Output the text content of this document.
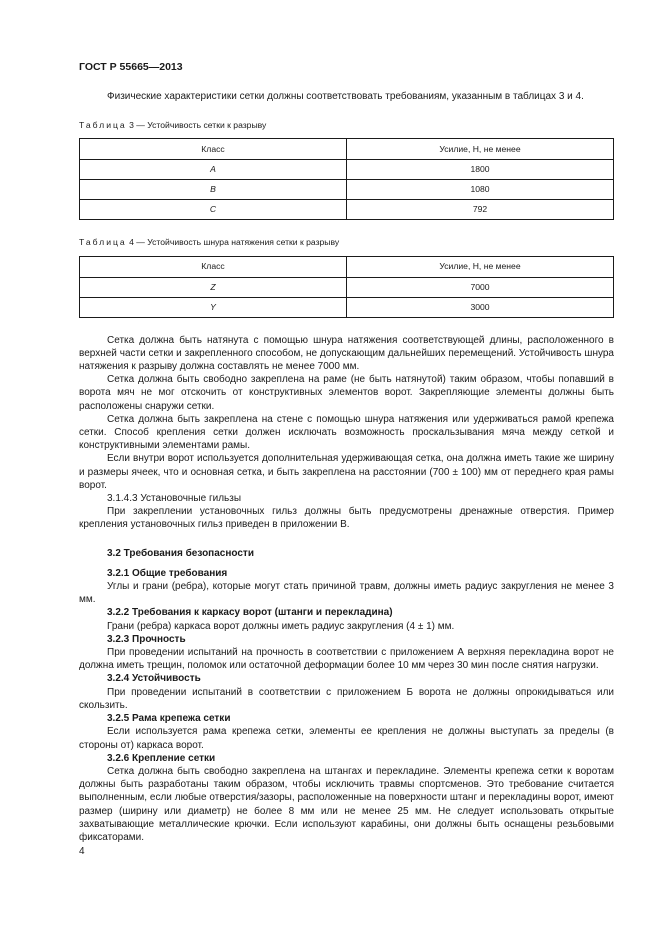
ГОСТ Р 55665—2013

Физические характеристики сетки должны соответствовать требованиям, указанным в таблицах 3 и 4.

Таблица 3 — Устойчивость сетки к разрыву
Класс	Усилие, Н, не менее
A	1800
B	1080
C	792
Таблица 4 — Устойчивость шнура натяжения сетки к разрыву
Класс	Усилие, Н, не менее
Z	7000
Y	3000

Сетка должна быть натянута с помощью шнура натяжения соответствующей длины, расположенного в верхней части сетки и закрепленного способом, не допускающим дальнейших перемещений. Устойчивость шнура натяжения к разрыву должна составлять не менее 7000 мм.

Сетка должна быть свободно закреплена на раме (не быть натянутой) таким образом, чтобы попавший в ворота мяч не мог отскочить от конструктивных элементов ворот. Закрепляющие элементы должны быть расположены снаружи сетки.

Сетка должна быть закреплена на стене с помощью шнура натяжения или удерживаться рамой крепежа сетки. Способ крепления сетки должен исключать возможность проскальзывания мяча между сеткой и конструктивными элементами рамы.

Если внутри ворот используется дополнительная удерживающая сетка, она должна иметь такие же ширину и размеры ячеек, что и основная сетка, и быть закреплена на расстоянии (700 ± 100) мм от переднего края рамы ворот.

3.1.4.3 Установочные гильзы

При закреплении установочных гильз должны быть предусмотрены дренажные отверстия. Пример крепления установочных гильз приведен в приложении В.

3.2 Требования безопасности

3.2.1 Общие требования

Углы и грани (ребра), которые могут стать причиной травм, должны иметь радиус закругления не менее 3 мм.

3.2.2 Требования к каркасу ворот (штанги и перекладина)

Грани (ребра) каркаса ворот должны иметь радиус закругления (4 ± 1) мм.

3.2.3 Прочность

При проведении испытаний на прочность в соответствии с приложением А верхняя перекладина ворот не должна иметь трещин, поломок или остаточной деформации более 10 мм через 30 мин после снятия нагрузки.

3.2.4 Устойчивость

При проведении испытаний в соответствии с приложением Б ворота не должны опрокидываться или скользить.

3.2.5 Рама крепежа сетки

Если используется рама крепежа сетки, элементы ее крепления не должны выступать за пределы (в стороны от) каркаса ворот.

3.2.6 Крепление сетки

Сетка должна быть свободно закреплена на штангах и перекладине. Элементы крепежа сетки к воротам должны быть разработаны таким образом, чтобы исключить травмы спортсменов. Это требование считается выполненным, если любые отверстия/зазоры, расположенные на поверхности штанг и перекладины ворот, имеют размер (ширину или диаметр) не более 8 мм или не менее 25 мм. Не следует использовать открытые захватывающие металлические крючки. Если используют карабины, они должны быть оснащены резьбовыми фиксаторами.

4
